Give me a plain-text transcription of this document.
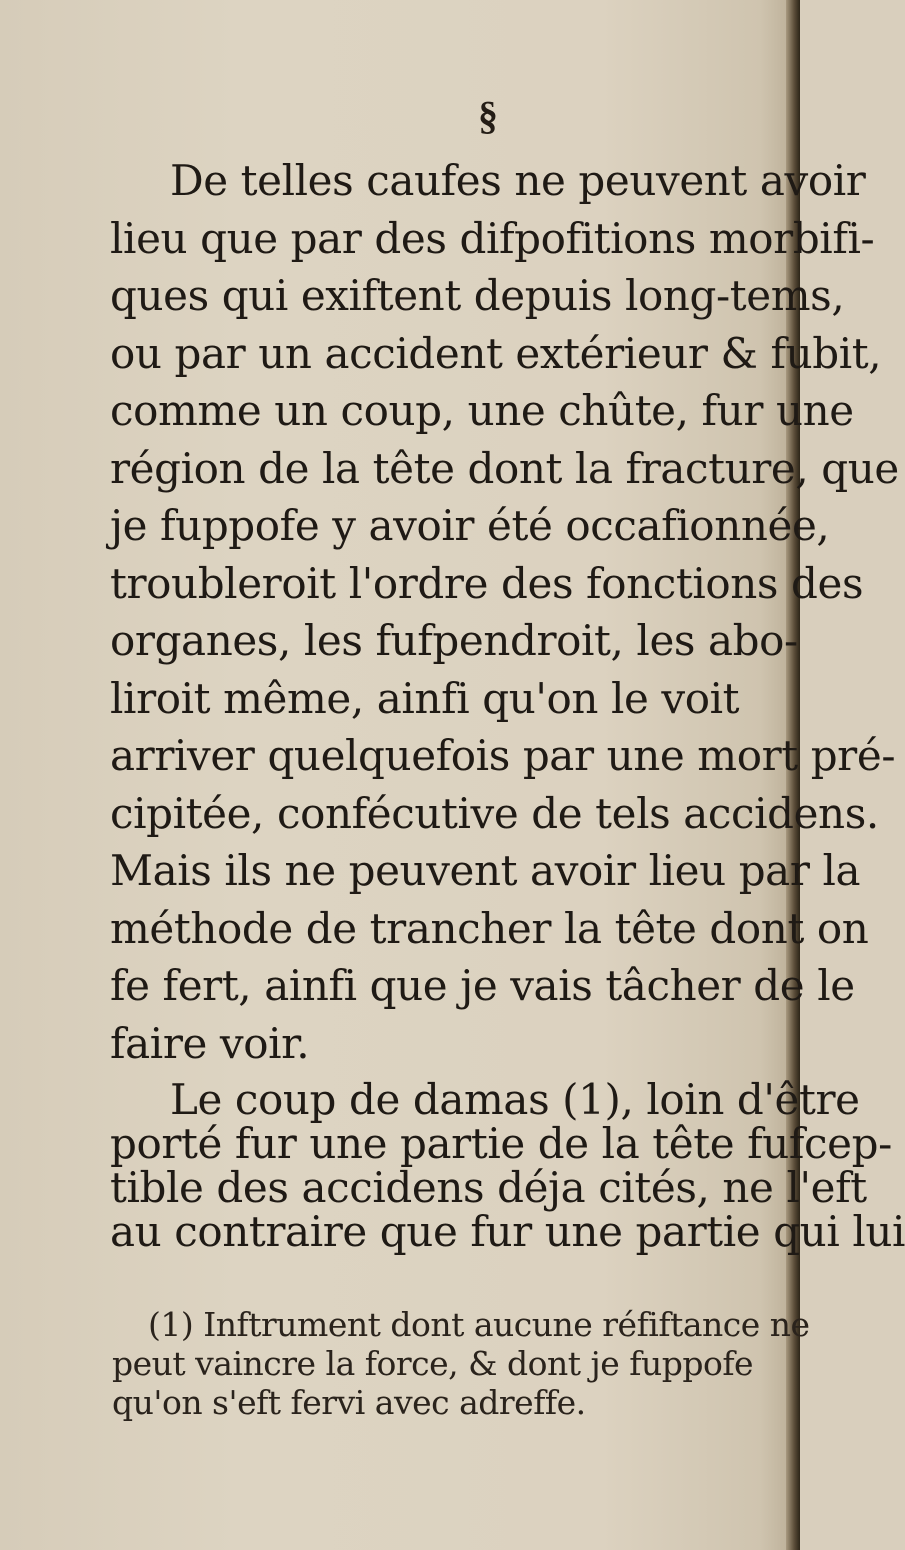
§
De telles caufes ne peuvent avoir
lieu que par des difpofitions morbifi-
ques qui exiftent depuis long-tems,
ou par un accident extérieur & fubit,
comme un coup, une chûte, fur une
région de la tête dont la fracture, que
je fuppofe y avoir été occafionnée,
troubleroit l'ordre des fonctions des
organes, les fufpendroit, les abo-
liroit même, ainfi qu'on le voit
arriver quelquefois par une mort pré-
cipitée, confécutive de tels accidens.
Mais ils ne peuvent avoir lieu par la
méthode de trancher la tête dont on
fe fert, ainfi que je vais tâcher de le
faire voir.
Le coup de damas (1), loin d'être
porté fur une partie de la tête fufcep-
tible des accidens déja cités, ne l'eft
au contraire que fur une partie qui lui
(1) Inftrument dont aucune réfiftance ne
peut vaincre la force, & dont je fuppofe
qu'on s'eft fervi avec adreffe.
